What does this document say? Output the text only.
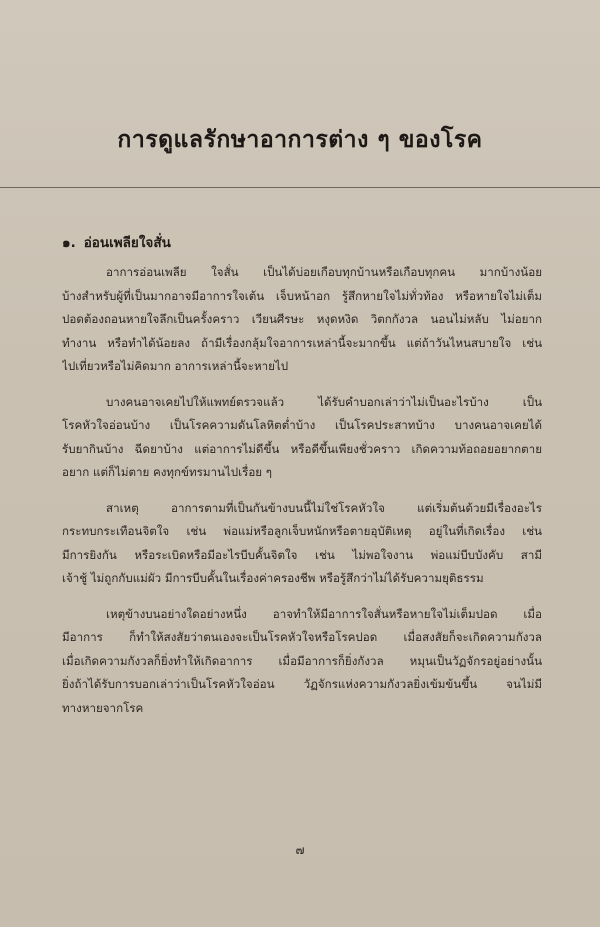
การดูแลรักษาอาการต่าง ๆ ของโรค
๑. อ่อนเพลียใจสั่น
อาการอ่อนเพลีย ใจสั่น เป็นได้บ่อยเกือบทุกบ้านหรือเกือบทุกคน มากบ้างน้อย
บ้างสำหรับผู้ที่เป็นมากอาจมีอาการใจเต้น เจ็บหน้าอก รู้สึกหายใจไม่ทั่วท้อง หรือหายใจไม่เต็ม
ปอดต้องถอนหายใจลึกเป็นครั้งคราว เวียนศีรษะ หงุดหงิด วิตกกังวล นอนไม่หลับ ไม่อยาก
ทำงาน หรือทำได้น้อยลง ถ้ามีเรื่องกลุ้มใจอาการเหล่านี้จะมากขึ้น แต่ถ้าวันไหนสบายใจ เช่น
ไปเที่ยวหรือไม่คิดมาก อาการเหล่านี้จะหายไป
บางคนอาจเคยไปให้แพทย์ตรวจแล้ว ได้รับคำบอกเล่าว่าไม่เป็นอะไรบ้าง เป็น
โรคหัวใจอ่อนบ้าง เป็นโรคความดันโลหิตต่ำบ้าง เป็นโรคประสาทบ้าง บางคนอาจเคยได้
รับยากินบ้าง ฉีดยาบ้าง แต่อาการไม่ดีขึ้น หรือดีขึ้นเพียงชั่วคราว เกิดความท้อถอยอยากตาย
อยาก แต่ก็ไม่ตาย คงทุกข์ทรมานไปเรื่อย ๆ
สาเหตุ อาการตามที่เป็นกันข้างบนนี้ไม่ใช่โรคหัวใจ แต่เริ่มต้นด้วยมีเรื่องอะไร
กระทบกระเทือนจิตใจ เช่น พ่อแม่หรือลูกเจ็บหนักหรือตายอุบัติเหตุ อยู่ในที่เกิดเรื่อง เช่น
มีการยิงกัน หรือระเบิดหรือมีอะไรบีบคั้นจิตใจ เช่น ไม่พอใจงาน พ่อแม่บีบบังคับ สามี
เจ้าชู้ ไม่ถูกกับแม่ผัว มีการบีบคั้นในเรื่องค่าครองชีพ หรือรู้สึกว่าไม่ได้รับความยุติธรรม
เหตุข้างบนอย่างใดอย่างหนึ่ง อาจทำให้มีอาการใจสั่นหรือหายใจไม่เต็มปอด เมื่อ
มีอาการ ก็ทำให้สงสัยว่าตนเองจะเป็นโรคหัวใจหรือโรคปอด เมื่อสงสัยก็จะเกิดความกังวล
เมื่อเกิดความกังวลก็ยิ่งทำให้เกิดอาการ เมื่อมีอาการก็ยิ่งกังวล หมุนเป็นวัฏจักรอยู่อย่างนั้น
ยิ่งถ้าได้รับการบอกเล่าว่าเป็นโรคหัวใจอ่อน วัฏจักรแห่งความกังวลยิ่งเข้มข้นขึ้น จนไม่มี
ทางหายจากโรค
๗
